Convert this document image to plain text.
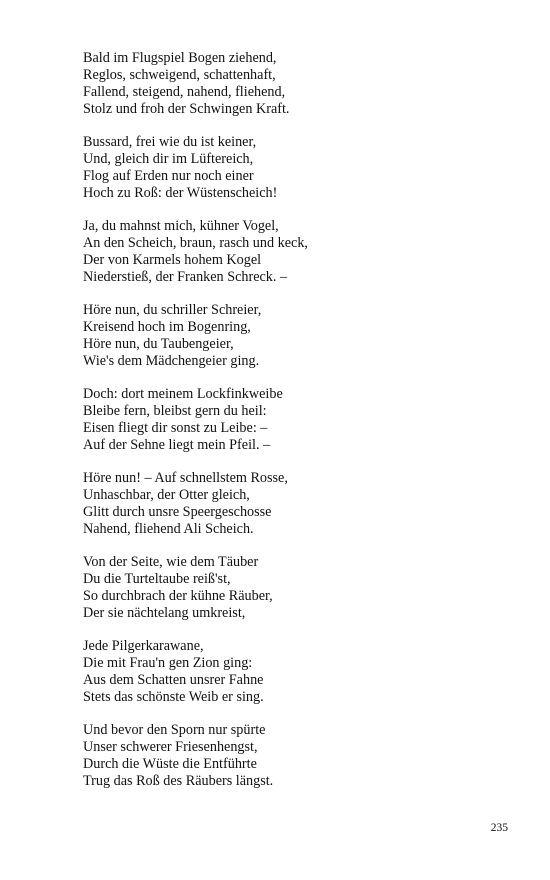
Bald im Flugspiel Bogen ziehend,
Reglos, schweigend, schattenhaft,
Fallend, steigend, nahend, fliehend,
Stolz und froh der Schwingen Kraft.
Bussard, frei wie du ist keiner,
Und, gleich dir im Lüftereich,
Flog auf Erden nur noch einer
Hoch zu Roß: der Wüstenscheich!
Ja, du mahnst mich, kühner Vogel,
An den Scheich, braun, rasch und keck,
Der von Karmels hohem Kogel
Niederstieß, der Franken Schreck. –
Höre nun, du schriller Schreier,
Kreisend hoch im Bogenring,
Höre nun, du Taubengeier,
Wie's dem Mädchengeier ging.
Doch: dort meinem Lockfinkweibe
Bleibe fern, bleibst gern du heil:
Eisen fliegt dir sonst zu Leibe: –
Auf der Sehne liegt mein Pfeil. –
Höre nun! – Auf schnellstem Rosse,
Unhaschbar, der Otter gleich,
Glitt durch unsre Speergeschosse
Nahend, fliehend Ali Scheich.
Von der Seite, wie dem Täuber
Du die Turteltaube reiß'st,
So durchbrach der kühne Räuber,
Der sie nächtelang umkreist,
Jede Pilgerkarawane,
Die mit Frau'n gen Zion ging:
Aus dem Schatten unsrer Fahne
Stets das schönste Weib er sing.
Und bevor den Sporn nur spürte
Unser schwerer Friesenhengst,
Durch die Wüste die Entführte
Trug das Roß des Räubers längst.
235
